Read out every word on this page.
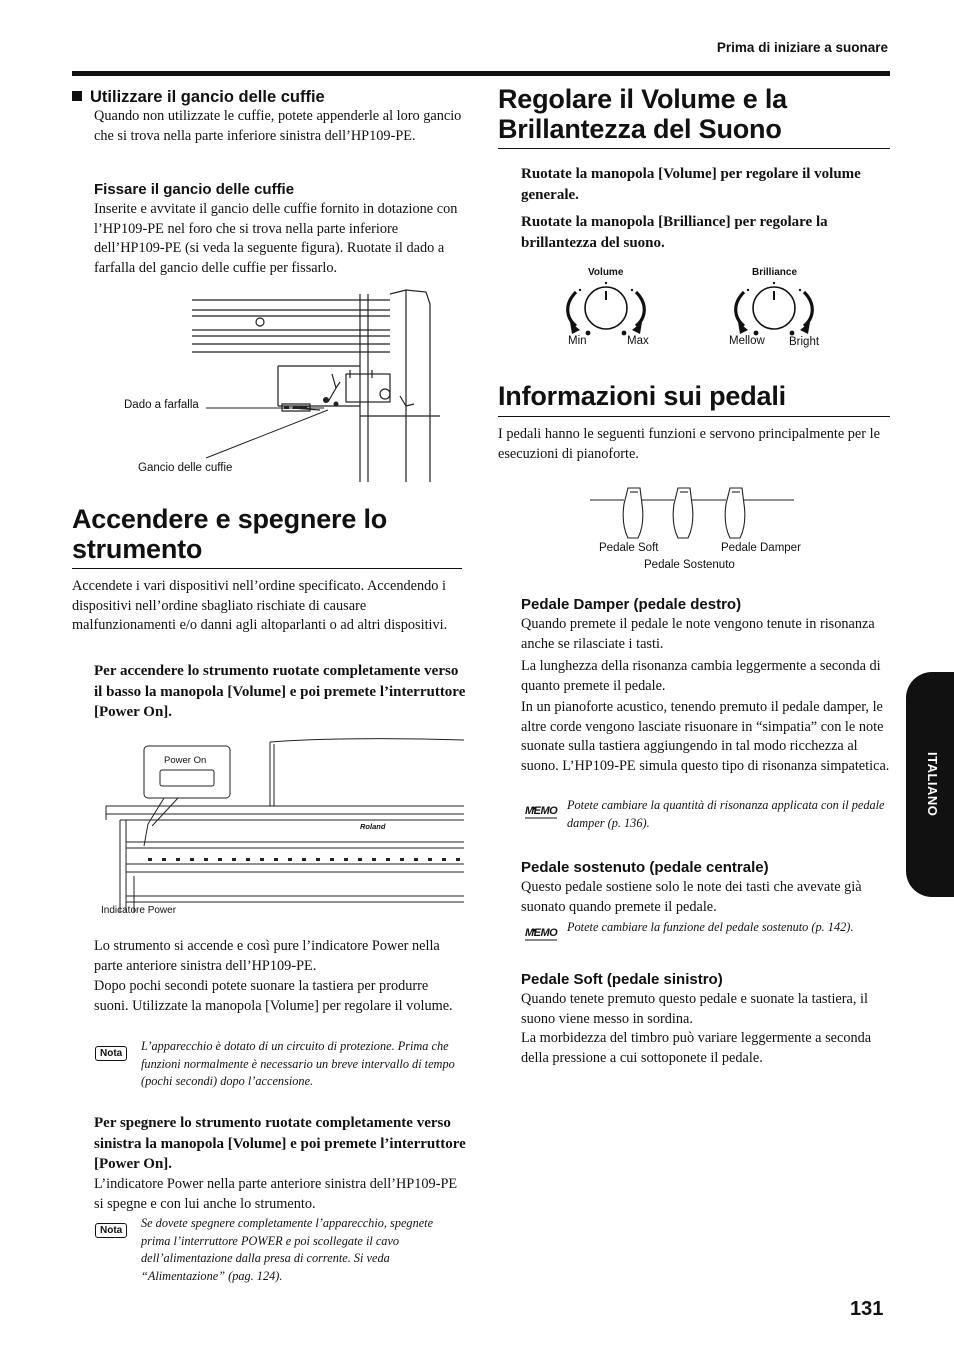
Prima di iniziare a suonare
Utilizzare il gancio delle cuffie

Quando non utilizzate le cuffie, potete appenderle al loro gancio che si trova nella parte inferiore sinistra dell’HP109-PE.

Fissare il gancio delle cuffie

Inserite e avvitate il gancio delle cuffie fornito in dotazione con l’HP109-PE nel foro che si trova nella parte inferiore dell’HP109-PE (si veda la seguente figura). Ruotate il dado a farfalla del gancio delle cuffie per fissarlo.

Dado a farfalla
Gancio delle cuffie
Accendere e spegnere lo strumento

Accendete i vari dispositivi nell’ordine specificato. Accendendo i dispositivi nell’ordine sbagliato rischiate di causare malfunzionamenti e/o danni agli altoparlanti o ad altri dispositivi.

Per accendere lo strumento ruotate completamente verso il basso la manopola [Volume] e poi premete l’interruttore [Power On].

Power On
Roland
Indicatore Power

Lo strumento si accende e così pure l’indicatore Power nella parte anteriore sinistra dell’HP109-PE.

Dopo pochi secondi potete suonare la tastiera per produrre suoni. Utilizzate la manopola [Volume] per regolare il volume.

Nota

L’apparecchio è dotato di un circuito di protezione. Prima che funzioni normalmente è necessario un breve intervallo di tempo (pochi secondi) dopo l’accensione.

Per spegnere lo strumento ruotate completamente verso sinistra la manopola [Volume] e poi premete l’interruttore [Power On].

L’indicatore Power nella parte anteriore sinistra dell’HP109-PE si spegne e con lui anche lo strumento.

Nota

Se dovete spegnere completamente l’apparecchio, spegnete prima l’interruttore POWER e poi scollegate il cavo dell’alimentazione dalla presa di corrente. Si veda “Alimentazione” (pag. 124).

Regolare il Volume e la
Brillantezza del Suono

Ruotate la manopola [Volume] per regolare il volume generale.

Ruotate la manopola [Brilliance] per regolare la brillantezza del suono.

Volume	Brilliance
Min	Max	Mellow Bright
Informazioni sui pedali

I pedali hanno le seguenti funzioni e servono principalmente per le esecuzioni di pianoforte.

Pedale Soft	Pedale Damper
Pedale Sostenuto
Pedale Damper (pedale destro)

Quando premete il pedale le note vengono tenute in risonanza anche se rilasciate i tasti.

La lunghezza della risonanza cambia leggermente a seconda di quanto premete il pedale.

In un pianoforte acustico, tenendo premuto il pedale damper, le altre corde vengono lasciate risuonare in “simpatia” con le note suonate sulla tastiera aggiungendo in tal modo ricchezza al suono. L’HP109-PE simula questo tipo di risonanza simpatetica.

MEMO Potete cambiare la quantità di risonanza applicata con il pedale damper (p. 136).

Pedale sostenuto (pedale centrale)

Questo pedale sostiene solo le note dei tasti che avevate già suonato quando premete il pedale.

MEMO Potete cambiare la funzione del pedale sostenuto (p. 142).

Pedale Soft (pedale sinistro)

Quando tenete premuto questo pedale e suonate la tastiera, il suono viene messo in sordina.

La morbidezza del timbro può variare leggermente a seconda della pressione a cui sottoponete il pedale.

ITALIANO
131
